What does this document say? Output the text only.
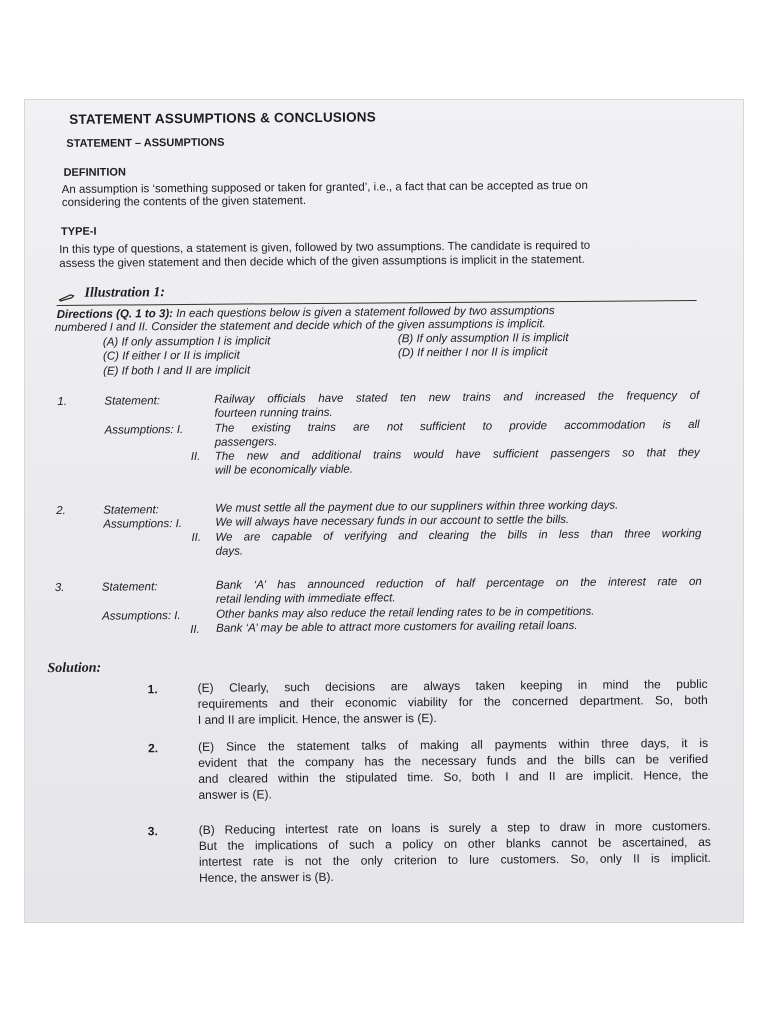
STATEMENT ASSUMPTIONS & CONCLUSIONS
STATEMENT – ASSUMPTIONS
DEFINITION
An assumption is ‘something supposed or taken for granted’, i.e., a fact that can be accepted as true on
considering the contents of the given statement.
TYPE-I
In this type of questions, a statement is given, followed by two assumptions. The candidate is required to
assess the given statement and then decide which of the given assumptions is implicit in the statement.
Illustration 1:
Directions (Q. 1 to 3): In each questions below is given a statement followed by two assumptions
numbered I and II. Consider the statement and decide which of the given assumptions is implicit.
(A) If only assumption I is implicit	(B) If only assumption II is implicit
(C) If either I or II is implicit	(D) If neither I nor II is implicit
(E) If both I and II are implicit
1.	Statement:	Railway officials have stated ten new trains and increased the frequency of
fourteen running trains.
Assumptions: I.	The existing trains are not sufficient to provide accommodation is all
passengers.
II. The new and additional trains would have sufficient passengers so that they
will be economically viable.
2.	Statement:	We must settle all the payment due to our suppliners within three working days.
Assumptions: I.	We will always have necessary funds in our account to settle the bills.
II. We are capable of verifying and clearing the bills in less than three working
days.
3.	Statement:	Bank ‘A’ has announced reduction of half percentage on the interest rate on
retail lending with immediate effect.
Assumptions: I.	Other banks may also reduce the retail lending rates to be in competitions.
II. Bank ‘A’ may be able to attract more customers for availing retail loans.
Solution:
1.	(E) Clearly, such decisions are always taken keeping in mind the public
requirements and their economic viability for the concerned department. So, both
I and II are implicit. Hence, the answer is (E).
2.	(E) Since the statement talks of making all payments within three days, it is
evident that the company has the necessary funds and the bills can be verified
and cleared within the stipulated time. So, both I and II are implicit. Hence, the
answer is (E).
3.	(B) Reducing intertest rate on loans is surely a step to draw in more customers.
But the implications of such a policy on other blanks cannot be ascertained, as
intertest rate is not the only criterion to lure customers. So, only II is implicit.
Hence, the answer is (B).
